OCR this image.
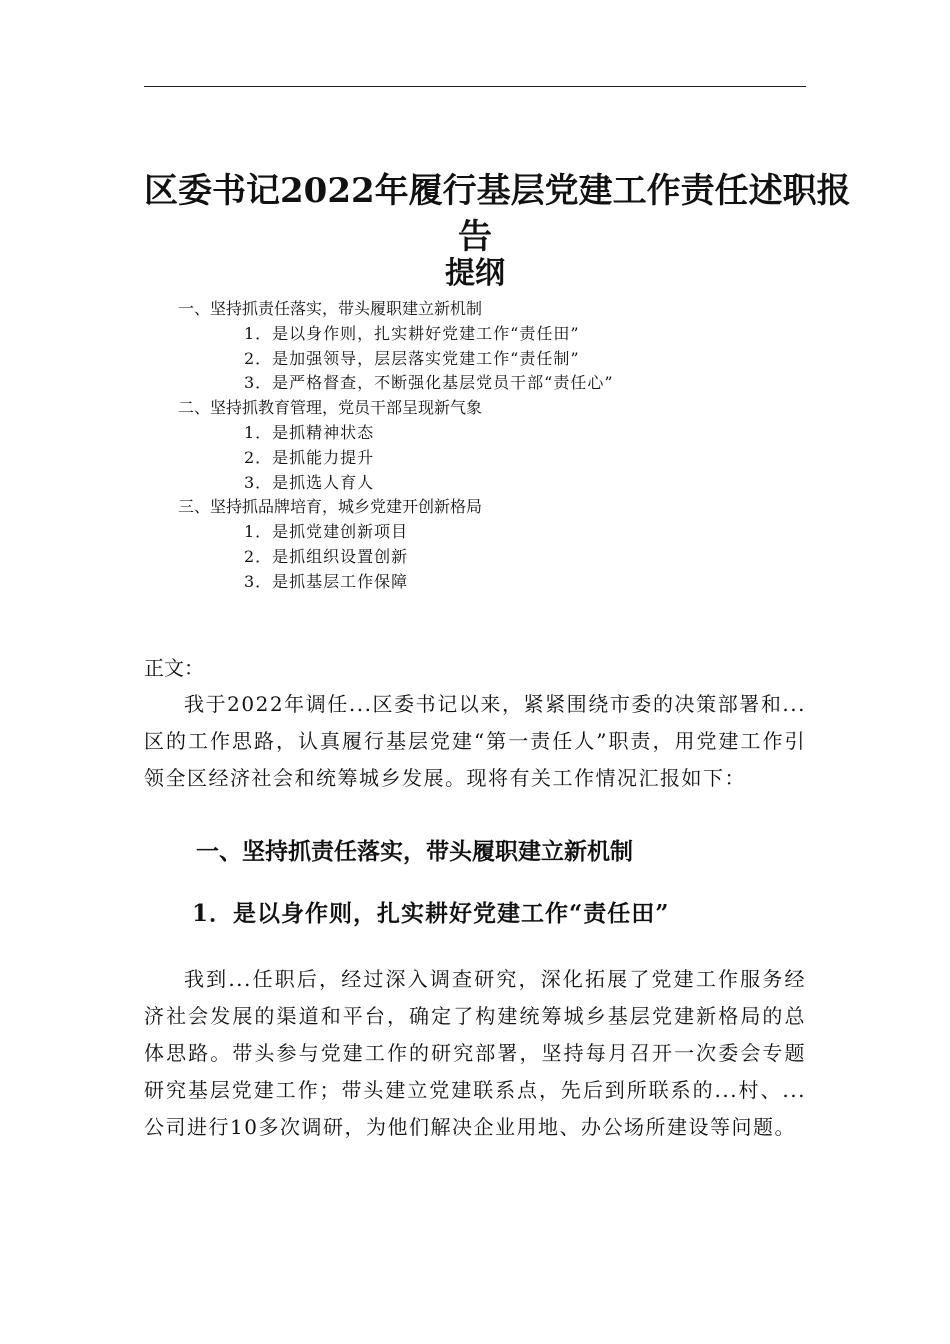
区委书记2022年履行基层党建工作责任述职报
告
提纲
一、坚持抓责任落实，带头履职建立新机制
1．是以身作则，扎实耕好党建工作“责任田”
2．是加强领导，层层落实党建工作“责任制”
3．是严格督查，不断强化基层党员干部“责任心”
二、坚持抓教育管理，党员干部呈现新气象
1．是抓精神状态
2．是抓能力提升
3．是抓选人育人
三、坚持抓品牌培育，城乡党建开创新格局
1．是抓党建创新项目
2．是抓组织设置创新
3．是抓基层工作保障
正文：

我于2022年调任...区委书记以来，紧紧围绕市委的决策部署和...区的工作思路，认真履行基层党建“第一责任人”职责，用党建工作引领全区经济社会和统筹城乡发展。现将有关工作情况汇报如下：

一、坚持抓责任落实，带头履职建立新机制
1．是以身作则，扎实耕好党建工作“责任田”

我到...任职后，经过深入调查研究，深化拓展了党建工作服务经济社会发展的渠道和平台，确定了构建统筹城乡基层党建新格局的总体思路。带头参与党建工作的研究部署，坚持每月召开一次委会专题研究基层党建工作；带头建立党建联系点，先后到所联系的...村、...公司进行10多次调研，为他们解决企业用地、办公场所建设等问题。
